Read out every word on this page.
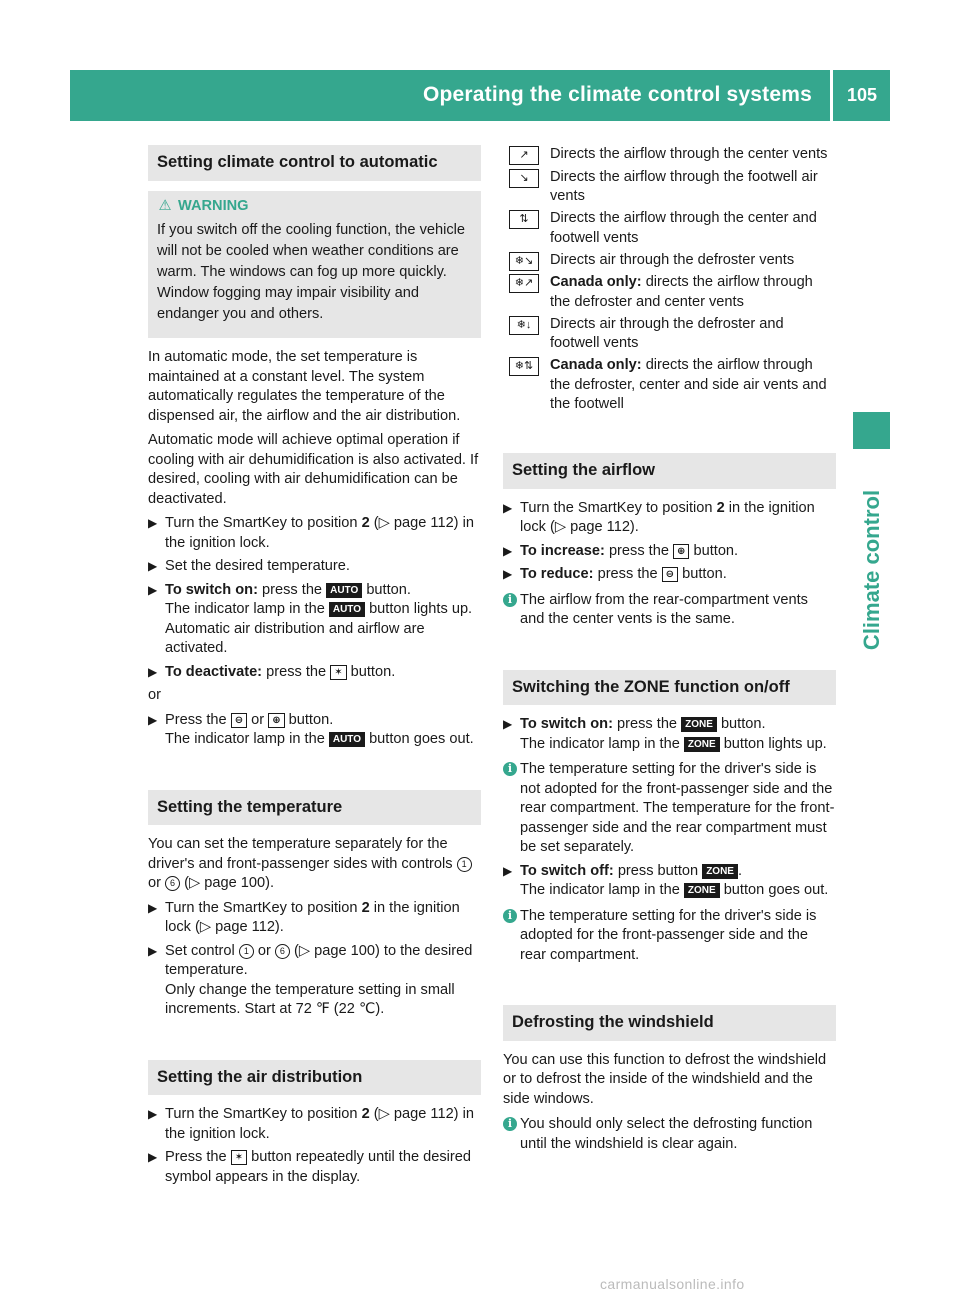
Operating the climate control systems	105
Climate control
Setting climate control to automatic
⚠ WARNING

If you switch off the cooling function, the vehicle will not be cooled when weather conditions are warm. The windows can fog up more quickly. Window fogging may impair visibility and endanger you and others.

In automatic mode, the set temperature is maintained at a constant level. The system automatically regulates the temperature of the dispensed air, the airflow and the air distribution.

Automatic mode will achieve optimal operation if cooling with air dehumidification is also activated. If desired, cooling with air dehumidification can be deactivated.

▶ Turn the SmartKey to position 2 (▷ page 112) in the ignition lock.
▶ Set the desired temperature.
▶ To switch on: press the AUTO button.
The indicator lamp in the AUTO button lights up. Automatic air distribution and airflow are activated.
▶ To deactivate: press the ✶ button.

or

▶ Press the ⊖ or ⊕ button.
The indicator lamp in the AUTO button goes out.
Setting the temperature

You can set the temperature separately for the driver's and front-passenger sides with controls 1 or 6 (▷ page 100).

▶ Turn the SmartKey to position 2 in the ignition lock (▷ page 112).
▶ Set control 1 or 6 (▷ page 100) to the desired temperature.
Only change the temperature setting in small increments. Start at 72 ℉ (22 ℃).
Setting the air distribution
▶ Turn the SmartKey to position 2 (▷ page 112) in the ignition lock.
▶ Press the ✶ button repeatedly until the desired symbol appears in the display.
↗	Directs the airflow through the center vents
↘	Directs the airflow through the footwell air vents
⇅	Directs the airflow through the center and footwell vents
❄↘	Directs air through the defroster vents
❄↗	Canada only: directs the airflow through the defroster and center vents
❄↓	Directs air through the defroster and footwell vents
❄⇅	Canada only: directs the airflow through the defroster, center and side air vents and the footwell
Setting the airflow
▶ Turn the SmartKey to position 2 in the ignition lock (▷ page 112).
▶ To increase: press the ⊕ button.
▶ To reduce: press the ⊖ button.
i The airflow from the rear-compartment vents and the center vents is the same.
Switching the ZONE function on/off
▶ To switch on: press the ZONE button.
The indicator lamp in the ZONE button lights up.
i The temperature setting for the driver's side is not adopted for the front-passenger side and the rear compartment. The temperature for the front-passenger side and the rear compartment must be set separately.
▶ To switch off: press button ZONE .
The indicator lamp in the ZONE button goes out.
i The temperature setting for the driver's side is adopted for the front-passenger side and the rear compartment.
Defrosting the windshield

You can use this function to defrost the windshield or to defrost the inside of the windshield and the side windows.

i You should only select the defrosting function until the windshield is clear again.
carmanualsonline.info
